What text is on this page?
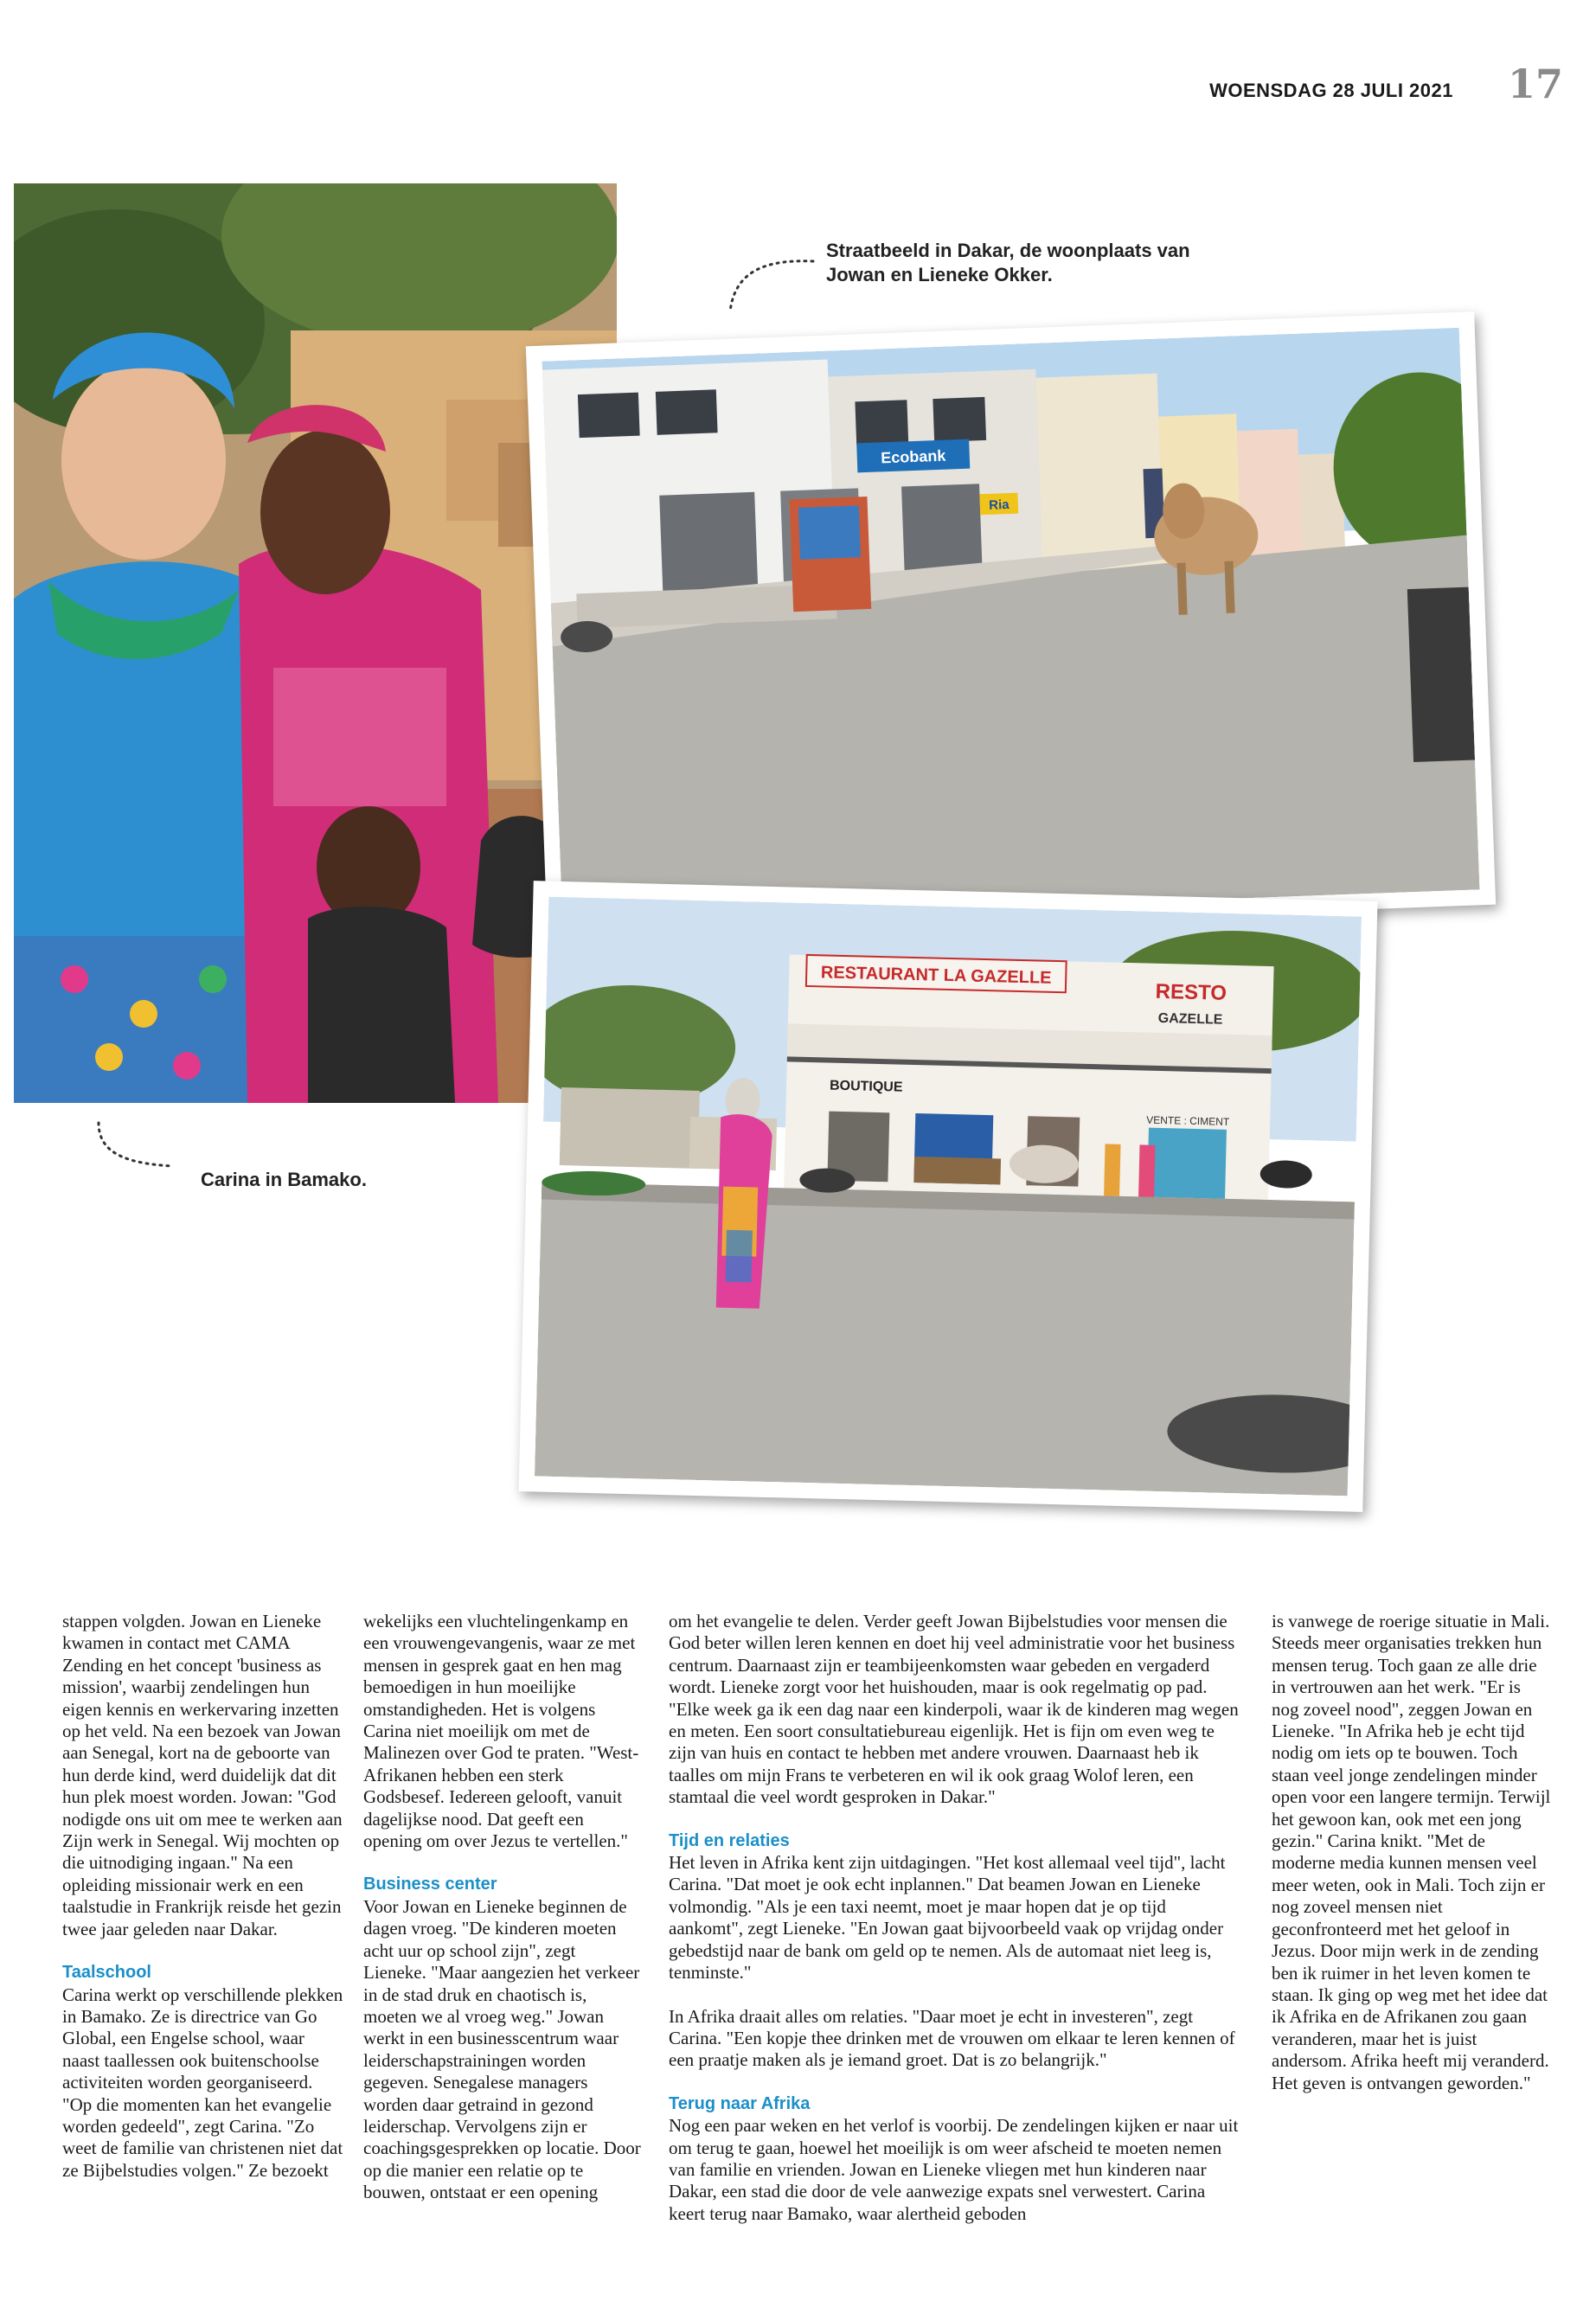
WOENSDAG 28 JULI 2021 17
Ecobank
Ria
RESTAURANT LA GAZELLE
RESTO
GAZELLE
BOUTIQUE
VENTE : CIMENT
Straatbeeld in Dakar, de woonplaats van Jowan en Lieneke Okker.
Carina in Bamako.

stappen volgden. Jowan en Lieneke kwamen in contact met CAMA Zending en het concept 'business as mission', waarbij zendelingen hun eigen kennis en werkervaring inzetten op het veld. Na een bezoek van Jowan aan Senegal, kort na de geboorte van hun derde kind, werd duidelijk dat dit hun plek moest worden. Jowan: "God nodigde ons uit om mee te werken aan Zijn werk in Senegal. Wij mochten op die uitnodiging ingaan." Na een opleiding missionair werk en een taalstudie in Frankrijk reisde het gezin twee jaar geleden naar Dakar.

Taalschool

Carina werkt op verschillende plekken in Bamako. Ze is directrice van Go Global, een Engelse school, waar naast taallessen ook buitenschoolse activiteiten worden georganiseerd. "Op die momenten kan het evangelie worden gedeeld", zegt Carina. "Zo weet de familie van christenen niet dat ze Bijbelstudies volgen." Ze bezoekt

wekelijks een vluchtelingenkamp en een vrouwengevangenis, waar ze met mensen in gesprek gaat en hen mag bemoedigen in hun moeilijke omstandigheden. Het is volgens Carina niet moeilijk om met de Malinezen over God te praten. "West-Afrikanen hebben een sterk Godsbesef. Iedereen gelooft, vanuit dagelijkse nood. Dat geeft een opening om over Jezus te vertellen."

Business center

Voor Jowan en Lieneke beginnen de dagen vroeg. "De kinderen moeten acht uur op school zijn", zegt Lieneke. "Maar aangezien het verkeer in de stad druk en chaotisch is, moeten we al vroeg weg." Jowan werkt in een businesscentrum waar leiderschapstrainingen worden gegeven. Senegalese managers worden daar getraind in gezond leiderschap. Vervolgens zijn er coachingsgesprekken op locatie. Door op die manier een relatie op te bouwen, ontstaat er een opening

om het evangelie te delen. Verder geeft Jowan Bijbelstudies voor mensen die God beter willen leren kennen en doet hij veel administratie voor het business centrum. Daarnaast zijn er teambijeenkomsten waar gebeden en vergaderd wordt. Lieneke zorgt voor het huishouden, maar is ook regelmatig op pad. "Elke week ga ik een dag naar een kinderpoli, waar ik de kinderen mag wegen en meten. Een soort consultatiebureau eigenlijk. Het is fijn om even weg te zijn van huis en contact te hebben met andere vrouwen. Daarnaast heb ik taalles om mijn Frans te verbeteren en wil ik ook graag Wolof leren, een stamtaal die veel wordt gesproken in Dakar."

Tijd en relaties

Het leven in Afrika kent zijn uitdagingen. "Het kost allemaal veel tijd", lacht Carina. "Dat moet je ook echt inplannen." Dat beamen Jowan en Lieneke volmondig. "Als je een taxi neemt, moet je maar hopen dat je op tijd aankomt", zegt Lieneke. "En Jowan gaat bijvoorbeeld vaak op vrijdag onder gebedstijd naar de bank om geld op te nemen. Als de automaat niet leeg is, tenminste."

In Afrika draait alles om relaties. "Daar moet je echt in investeren", zegt Carina. "Een kopje thee drinken met de vrouwen om elkaar te leren kennen of een praatje maken als je iemand groet. Dat is zo belangrijk."

Terug naar Afrika

Nog een paar weken en het verlof is voorbij. De zendelingen kijken er naar uit om terug te gaan, hoewel het moeilijk is om weer afscheid te moeten nemen van familie en vrienden. Jowan en Lieneke vliegen met hun kinderen naar Dakar, een stad die door de vele aanwezige expats snel verwestert. Carina keert terug naar Bamako, waar alertheid geboden

is vanwege de roerige situatie in Mali. Steeds meer organisaties trekken hun mensen terug. Toch gaan ze alle drie in vertrouwen aan het werk. "Er is nog zoveel nood", zeggen Jowan en Lieneke. "In Afrika heb je echt tijd nodig om iets op te bouwen. Toch staan veel jonge zendelingen minder open voor een langere termijn. Terwijl het gewoon kan, ook met een jong gezin." Carina knikt. "Met de moderne media kunnen mensen veel meer weten, ook in Mali. Toch zijn er nog zoveel mensen niet geconfronteerd met het geloof in Jezus. Door mijn werk in de zending ben ik ruimer in het leven komen te staan. Ik ging op weg met het idee dat ik Afrika en de Afrikanen zou gaan veranderen, maar het is juist andersom. Afrika heeft mij veranderd. Het geven is ontvangen geworden."
